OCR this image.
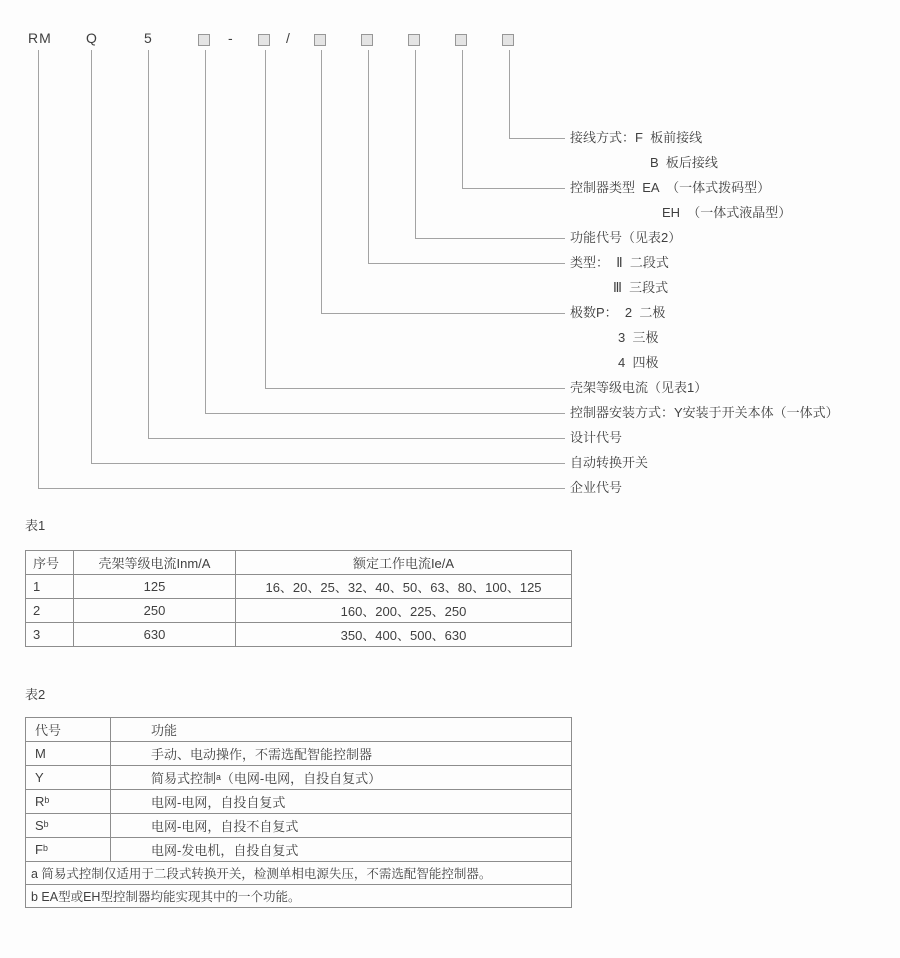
RM Q	5	-	/
接线方式：F  板前接线
B  板后接线
控制器类型  EA  （一体式拨码型）
EH  （一体式液晶型）
功能代号（见表2）
类型：  Ⅱ  二段式
Ⅲ  三段式
极数P：  2  二极
3  三极
4  四极
壳架等级电流（见表1）
控制器安装方式：Y安装于开关本体（一体式）
设计代号
自动转换开关
企业代号
表1
序号	壳架等级电流Inm/A	额定工作电流Ie/A
1	125	16、20、25、32、40、50、63、80、100、125
2	250	160、200、225、250
3	630	350、400、500、630
表2
代号	功能
M	手动、电动操作，不需选配智能控制器
Y	简易式控制ᵃ（电网-电网，自投自复式）
Rᵇ	电网-电网，自投自复式
Sᵇ	电网-电网，自投不自复式
Fᵇ	电网-发电机，自投自复式
a 简易式控制仅适用于二段式转换开关，检测单相电源失压，不需选配智能控制器。	
b EA型或EH型控制器均能实现其中的一个功能。	
